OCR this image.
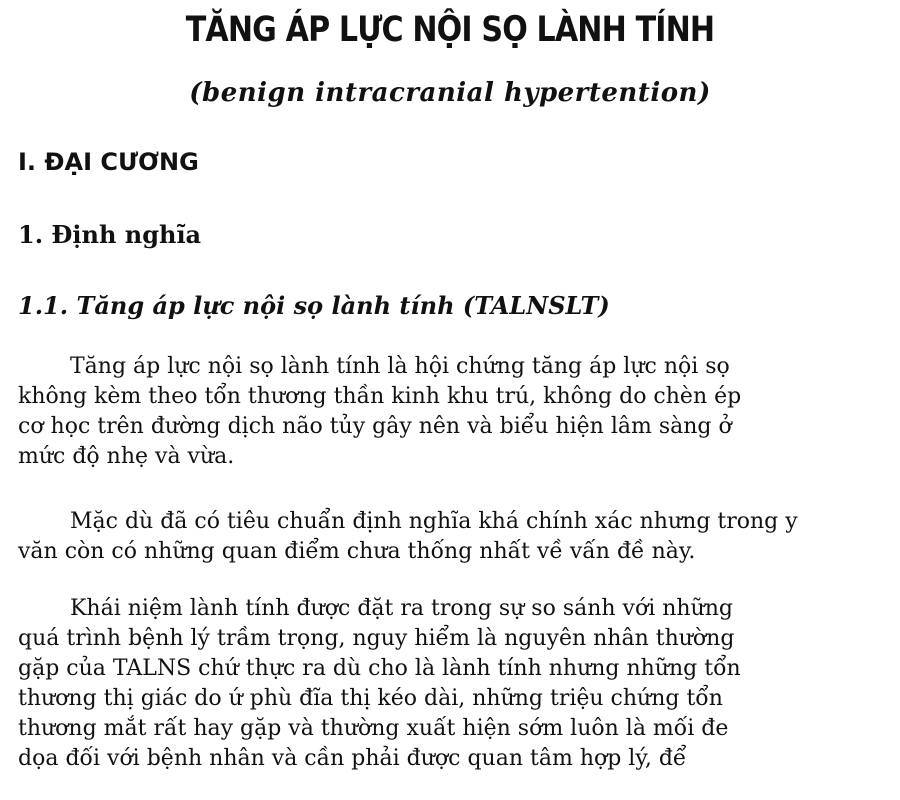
TĂNG ÁP LỰC NỘI SỌ LÀNH TÍNH
(benign intracranial hypertention)
I. ĐẠI CƯƠNG
1. Định nghĩa
1.1. Tăng áp lực nội sọ lành tính (TALNSLT)

Tăng áp lực nội sọ lành tính là hội chứng tăng áp lực nội sọ
không kèm theo tổn thương thần kinh khu trú, không do chèn ép
cơ học trên đường dịch não tủy gây nên và biểu hiện lâm sàng ở
mức độ nhẹ và vừa.

Mặc dù đã có tiêu chuẩn định nghĩa khá chính xác nhưng trong y
văn còn có những quan điểm chưa thống nhất về vấn đề này.

Khái niệm lành tính được đặt ra trong sự so sánh với những
quá trình bệnh lý trầm trọng, nguy hiểm là nguyên nhân thường
gặp của TALNS chứ thực ra dù cho là lành tính nhưng những tổn
thương thị giác do ứ phù đĩa thị kéo dài, những triệu chứng tổn
thương mắt rất hay gặp và thường xuất hiện sớm luôn là mối đe
dọa đối với bệnh nhân và cần phải được quan tâm hợp lý, để
